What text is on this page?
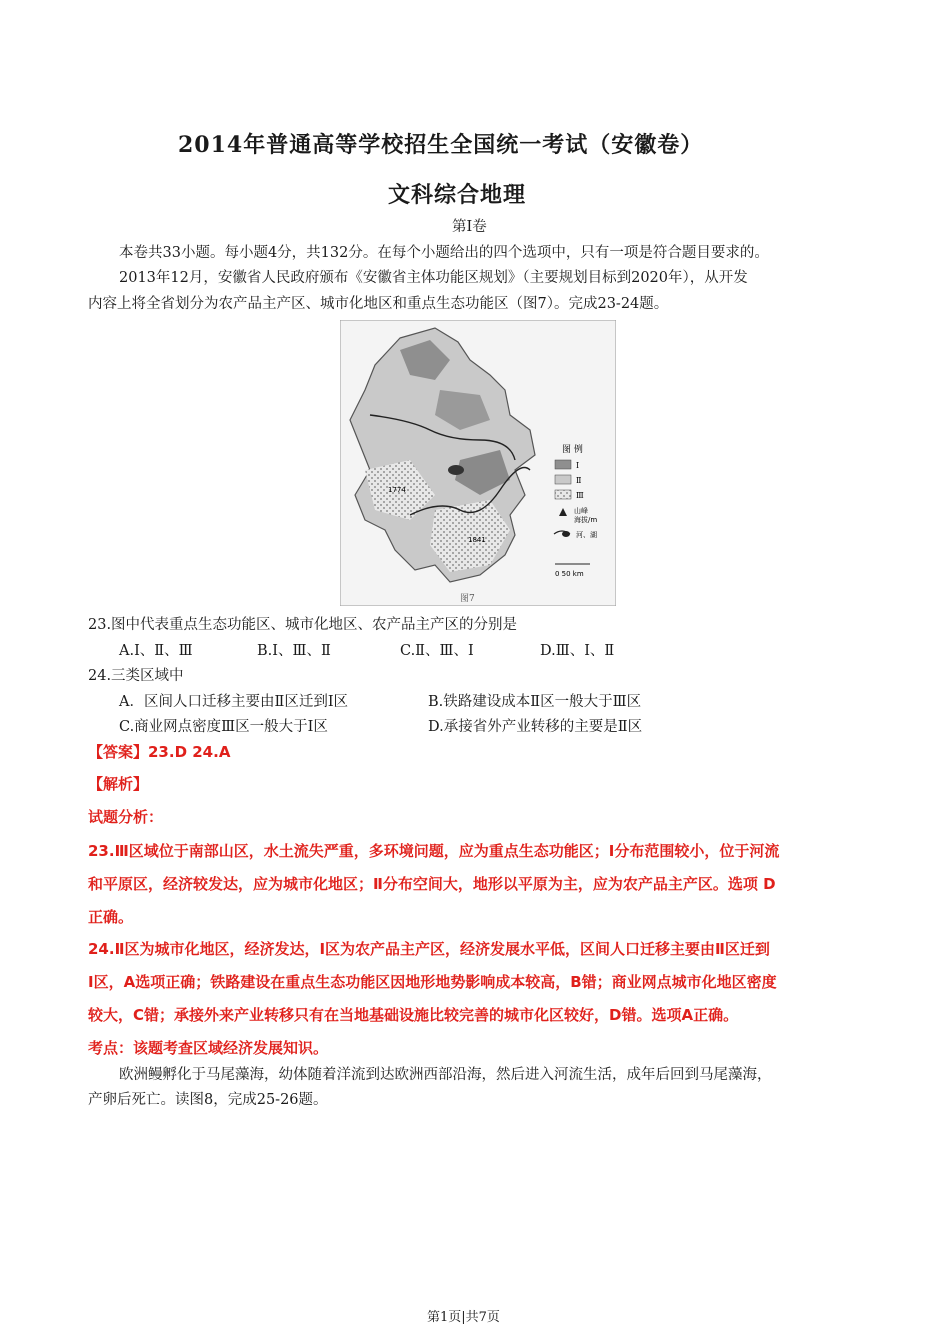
2014年普通高等学校招生全国统一考试（安徽卷）
文科综合地理
第Ⅰ卷
本卷共33小题。每小题4分，共132分。在每个小题给出的四个选项中，只有一项是符合题目要求的。
2013年12月，安徽省人民政府颁布《安徽省主体功能区规划》（主要规划目标到2020年），从开发
内容上将全省划分为农产品主产区、城市化地区和重点生态功能区（图7）。完成23-24题。
1774
1841
图 例
Ⅰ
Ⅱ
Ⅲ
山峰
海拔/m
河、湖
0 50 km
图7
23.图中代表重点生态功能区、城市化地区、农产品主产区的分别是
A.Ⅰ、Ⅱ、Ⅲ	B.Ⅰ、Ⅲ、Ⅱ	C.Ⅱ、Ⅲ、Ⅰ	D.Ⅲ、Ⅰ、Ⅱ
24.三类区域中
A．区间人口迁移主要由Ⅱ区迁到Ⅰ区	B.铁路建设成本Ⅱ区一般大于Ⅲ区
C.商业网点密度Ⅲ区一般大于Ⅰ区	D.承接省外产业转移的主要是Ⅱ区
【答案】23.D 24.A
【解析】
试题分析：
23.Ⅲ区域位于南部山区，水土流失严重，多环境问题，应为重点生态功能区；Ⅰ分布范围较小，位于河流
和平原区，经济较发达，应为城市化地区；Ⅱ分布空间大，地形以平原为主，应为农产品主产区。选项 D
正确。
24.Ⅱ区为城市化地区，经济发达，Ⅰ区为农产品主产区，经济发展水平低，区间人口迁移主要由Ⅱ区迁到
Ⅰ区，A选项正确；铁路建设在重点生态功能区因地形地势影响成本较高，B错；商业网点城市化地区密度
较大，C错；承接外来产业转移只有在当地基础设施比较完善的城市化区较好，D错。选项A正确。
考点：该题考查区域经济发展知识。
欧洲鳗孵化于马尾藻海，幼体随着洋流到达欧洲西部沿海，然后进入河流生活，成年后回到马尾藻海，
产卵后死亡。读图8，完成25-26题。
第1页|共7页
